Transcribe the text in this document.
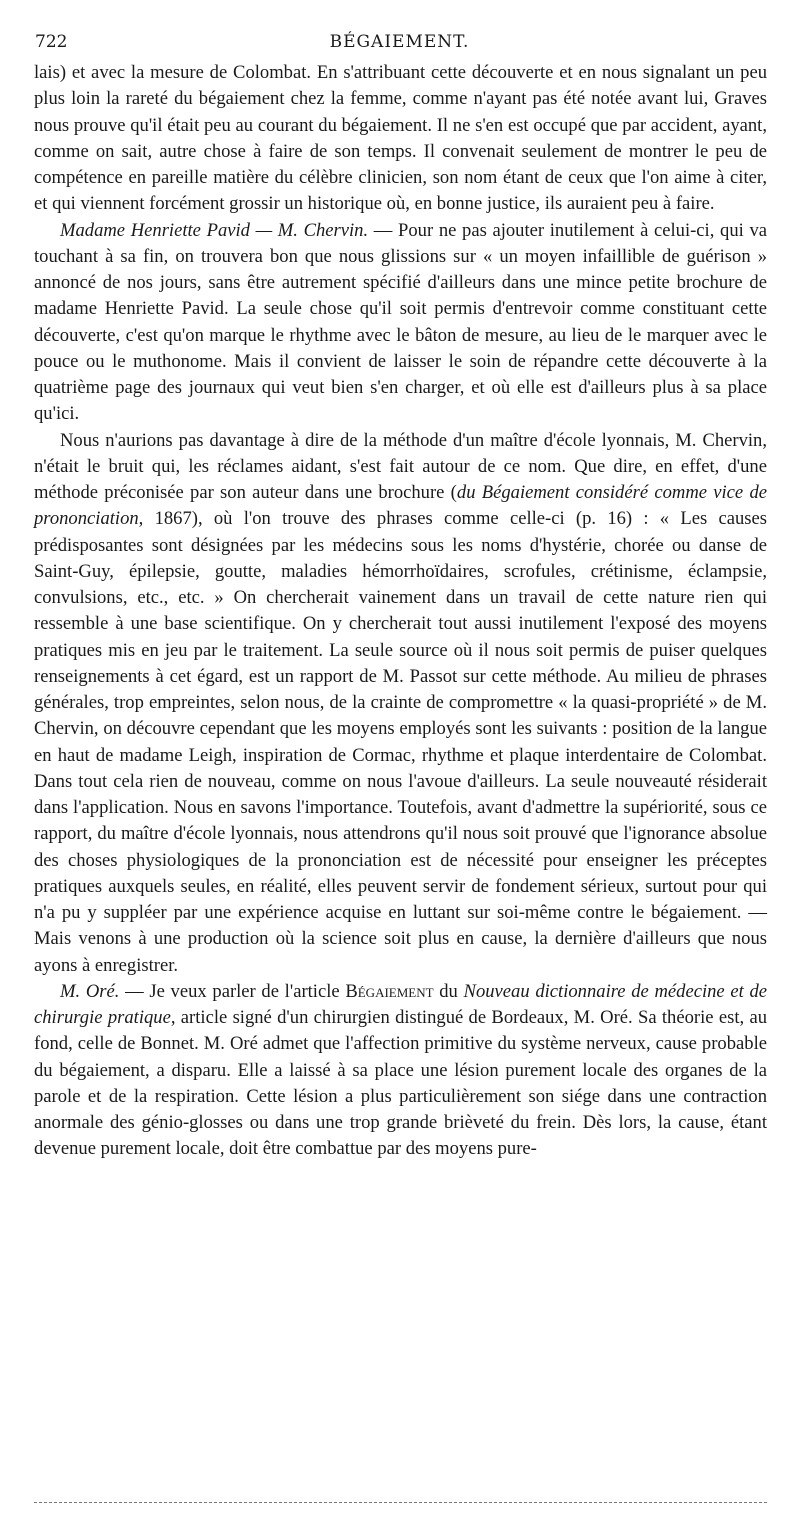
722	BÉGAIEMENT.

lais) et avec la mesure de Colombat. En s'attribuant cette découverte et en nous signalant un peu plus loin la rareté du bégaiement chez la femme, comme n'ayant pas été notée avant lui, Graves nous prouve qu'il était peu au courant du bégaiement. Il ne s'en est occupé que par accident, ayant, comme on sait, autre chose à faire de son temps. Il convenait seulement de montrer le peu de compétence en pareille matière du célèbre clinicien, son nom étant de ceux que l'on aime à citer, et qui viennent forcément grossir un historique où, en bonne justice, ils auraient peu à faire.

Madame Henriette Pavid — M. Chervin. — Pour ne pas ajouter inutilement à celui-ci, qui va touchant à sa fin, on trouvera bon que nous glissions sur « un moyen infaillible de guérison » annoncé de nos jours, sans être autrement spécifié d'ailleurs dans une mince petite brochure de madame Henriette Pavid. La seule chose qu'il soit permis d'entrevoir comme constituant cette découverte, c'est qu'on marque le rhythme avec le bâton de mesure, au lieu de le marquer avec le pouce ou le muthonome. Mais il convient de laisser le soin de répandre cette découverte à la quatrième page des journaux qui veut bien s'en charger, et où elle est d'ailleurs plus à sa place qu'ici.

Nous n'aurions pas davantage à dire de la méthode d'un maître d'école lyonnais, M. Chervin, n'était le bruit qui, les réclames aidant, s'est fait autour de ce nom. Que dire, en effet, d'une méthode préconisée par son auteur dans une brochure (du Bégaiement considéré comme vice de prononciation, 1867), où l'on trouve des phrases comme celle-ci (p. 16) : « Les causes prédisposantes sont désignées par les médecins sous les noms d'hystérie, chorée ou danse de Saint-Guy, épilepsie, goutte, maladies hémorrhoïdaires, scrofules, crétinisme, éclampsie, convulsions, etc., etc. » On chercherait vainement dans un travail de cette nature rien qui ressemble à une base scientifique. On y chercherait tout aussi inutilement l'exposé des moyens pratiques mis en jeu par le traitement. La seule source où il nous soit permis de puiser quelques renseignements à cet égard, est un rapport de M. Passot sur cette méthode. Au milieu de phrases générales, trop empreintes, selon nous, de la crainte de compromettre « la quasi-propriété » de M. Chervin, on découvre cependant que les moyens employés sont les suivants : position de la langue en haut de madame Leigh, inspiration de Cormac, rhythme et plaque interdentaire de Colombat. Dans tout cela rien de nouveau, comme on nous l'avoue d'ailleurs. La seule nouveauté résiderait dans l'application. Nous en savons l'importance. Toutefois, avant d'admettre la supériorité, sous ce rapport, du maître d'école lyonnais, nous attendrons qu'il nous soit prouvé que l'ignorance absolue des choses physiologiques de la prononciation est de nécessité pour enseigner les préceptes pratiques auxquels seules, en réalité, elles peuvent servir de fondement sérieux, surtout pour qui n'a pu y suppléer par une expérience acquise en luttant sur soi-même contre le bégaiement. — Mais venons à une production où la science soit plus en cause, la dernière d'ailleurs que nous ayons à enregistrer.

M. Oré. — Je veux parler de l'article Bégaiement du Nouveau dictionnaire de médecine et de chirurgie pratique, article signé d'un chirurgien distingué de Bordeaux, M. Oré. Sa théorie est, au fond, celle de Bonnet. M. Oré admet que l'affection primitive du système nerveux, cause probable du bégaiement, a disparu. Elle a laissé à sa place une lésion purement locale des organes de la parole et de la respiration. Cette lésion a plus particulièrement son siége dans une contraction anormale des génio-glosses ou dans une trop grande brièveté du frein. Dès lors, la cause, étant devenue purement locale, doit être combattue par des moyens pure-
